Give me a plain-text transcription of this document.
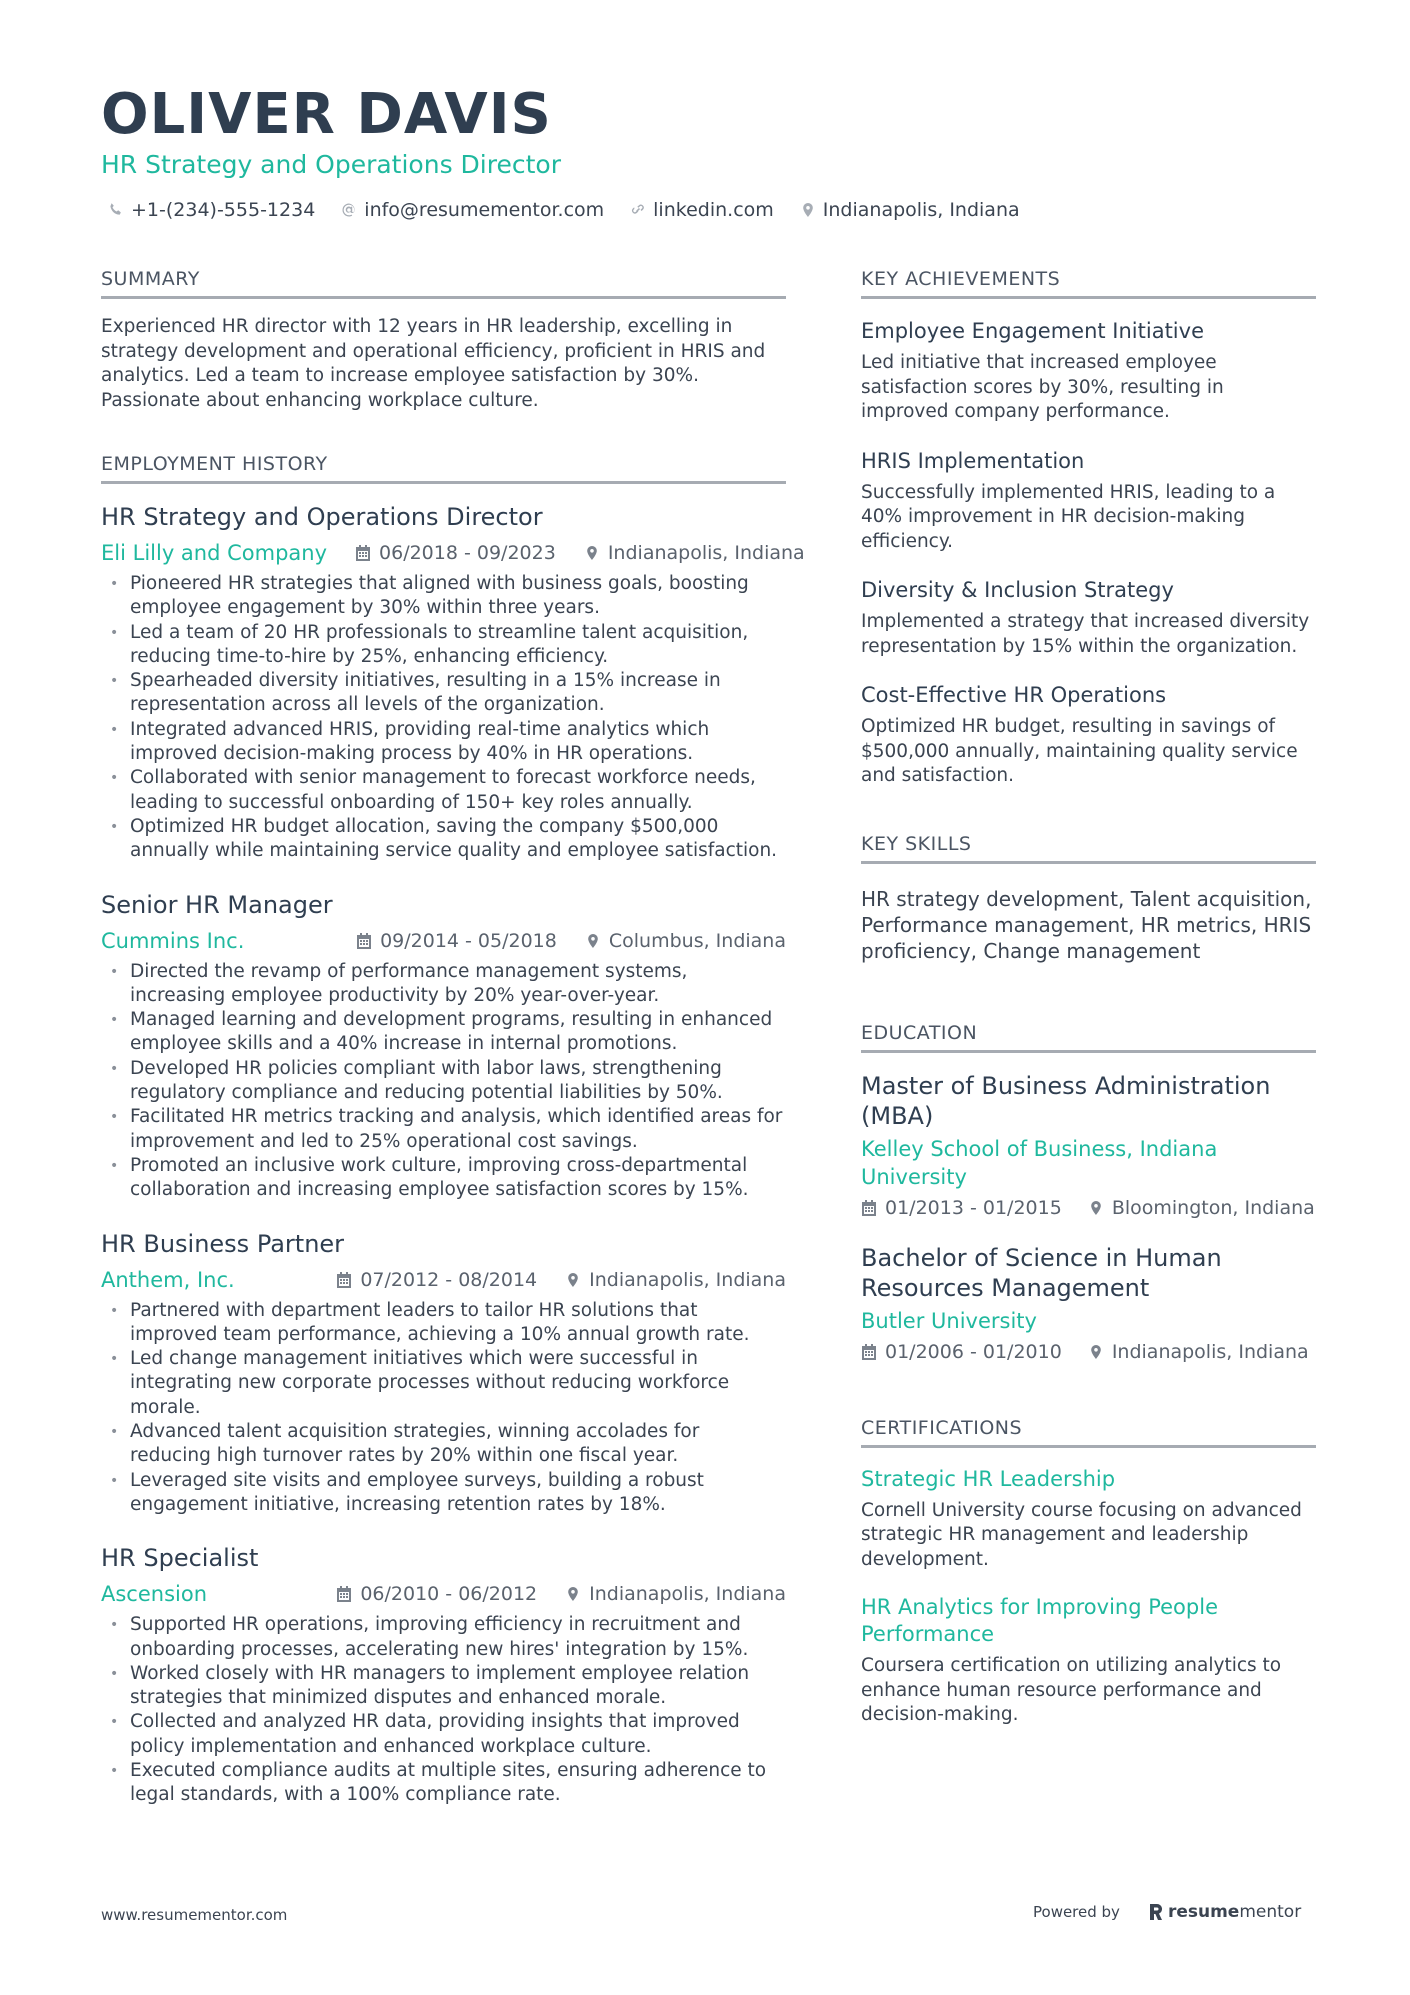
OLIVER DAVIS
HR Strategy and Operations Director
+1-(234)-555-1234	info@resumementor.com	linkedin.com	Indianapolis, Indiana
SUMMARY

Experienced HR director with 12 years in HR leadership, excelling in strategy development and operational efficiency, proficient in HRIS and analytics. Led a team to increase employee satisfaction by 30%. Passionate about enhancing workplace culture.

EMPLOYMENT HISTORY
HR Strategy and Operations Director
Eli Lilly and Company	06/2018 - 09/2023	Indianapolis, Indiana
• Pioneered HR strategies that aligned with business goals, boosting employee engagement by 30% within three years.
• Led a team of 20 HR professionals to streamline talent acquisition, reducing time-to-hire by 25%, enhancing efficiency.
• Spearheaded diversity initiatives, resulting in a 15% increase in representation across all levels of the organization.
• Integrated advanced HRIS, providing real-time analytics which improved decision-making process by 40% in HR operations.
• Collaborated with senior management to forecast workforce needs, leading to successful onboarding of 150+ key roles annually.
• Optimized HR budget allocation, saving the company $500,000 annually while maintaining service quality and employee satisfaction.
Senior HR Manager
Cummins Inc.	09/2014 - 05/2018	Columbus, Indiana
• Directed the revamp of performance management systems, increasing employee productivity by 20% year-over-year.
• Managed learning and development programs, resulting in enhanced employee skills and a 40% increase in internal promotions.
• Developed HR policies compliant with labor laws, strengthening regulatory compliance and reducing potential liabilities by 50%.
• Facilitated HR metrics tracking and analysis, which identified areas for improvement and led to 25% operational cost savings.
• Promoted an inclusive work culture, improving cross-departmental collaboration and increasing employee satisfaction scores by 15%.
HR Business Partner
Anthem, Inc.	07/2012 - 08/2014	Indianapolis, Indiana
• Partnered with department leaders to tailor HR solutions that improved team performance, achieving a 10% annual growth rate.
• Led change management initiatives which were successful in integrating new corporate processes without reducing workforce morale.
• Advanced talent acquisition strategies, winning accolades for reducing high turnover rates by 20% within one fiscal year.
• Leveraged site visits and employee surveys, building a robust engagement initiative, increasing retention rates by 18%.
HR Specialist
Ascension	06/2010 - 06/2012	Indianapolis, Indiana
• Supported HR operations, improving efficiency in recruitment and onboarding processes, accelerating new hires' integration by 15%.
• Worked closely with HR managers to implement employee relation strategies that minimized disputes and enhanced morale.
• Collected and analyzed HR data, providing insights that improved policy implementation and enhanced workplace culture.
• Executed compliance audits at multiple sites, ensuring adherence to legal standards, with a 100% compliance rate.
KEY ACHIEVEMENTS
Employee Engagement Initiative

Led initiative that increased employee satisfaction scores by 30%, resulting in improved company performance.

HRIS Implementation

Successfully implemented HRIS, leading to a 40% improvement in HR decision-making efficiency.

Diversity & Inclusion Strategy

Implemented a strategy that increased diversity representation by 15% within the organization.

Cost-Effective HR Operations

Optimized HR budget, resulting in savings of $500,000 annually, maintaining quality service and satisfaction.

KEY SKILLS

HR strategy development, Talent acquisition, Performance management, HR metrics, HRIS proficiency, Change management

EDUCATION
Master of Business Administration (MBA)
Kelley School of Business, Indiana University
01/2013 - 01/2015	Bloomington, Indiana
Bachelor of Science in Human Resources Management
Butler University
01/2006 - 01/2010	Indianapolis, Indiana
CERTIFICATIONS
Strategic HR Leadership

Cornell University course focusing on advanced strategic HR management and leadership development.

HR Analytics for Improving People Performance

Coursera certification on utilizing analytics to enhance human resource performance and decision-making.

www.resumementor.com	Powered by	resume mentor
